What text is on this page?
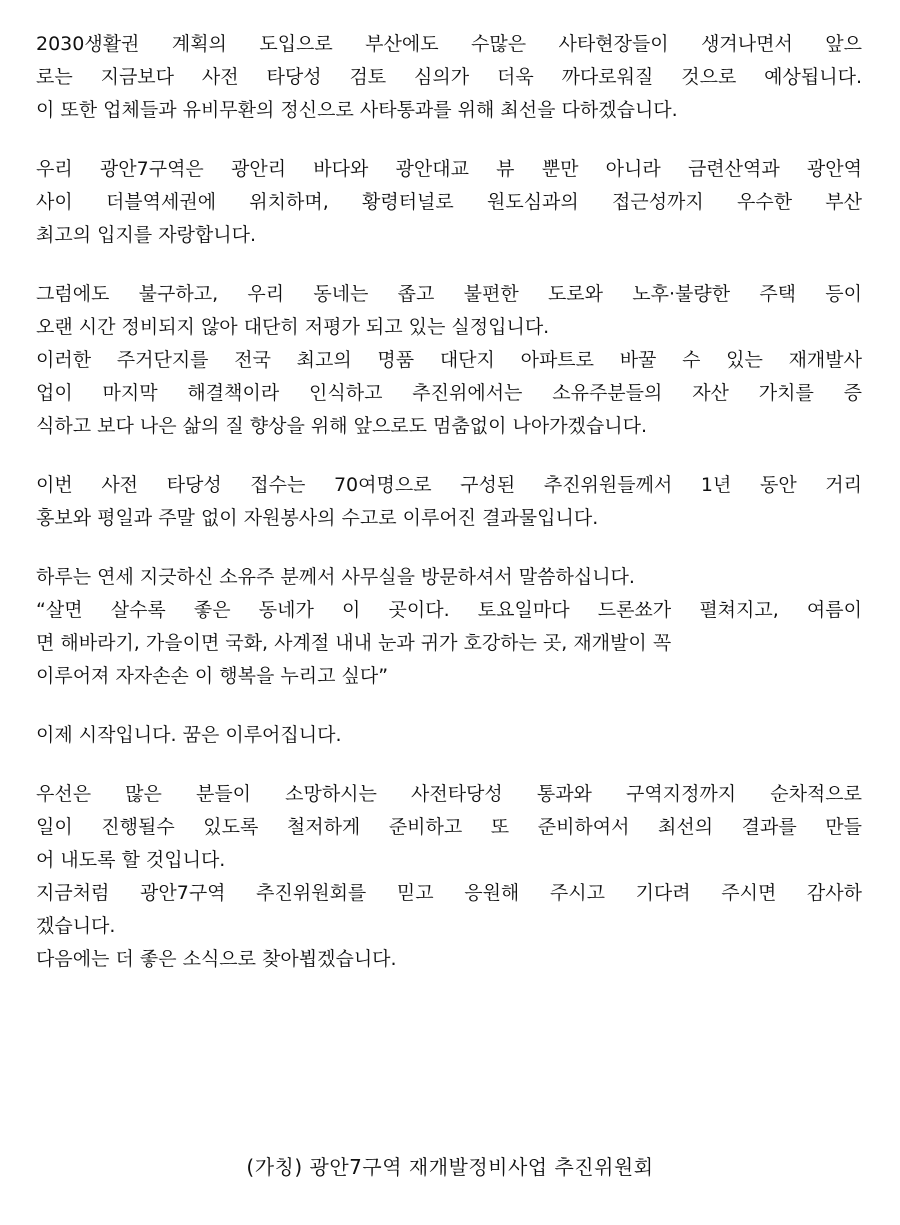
2030생활권 계획의 도입으로 부산에도 수많은 사타현장들이 생겨나면서 앞으
로는 지금보다 사전 타당성 검토 심의가 더욱 까다로워질 것으로 예상됩니다.
이 또한 업체들과 유비무환의 정신으로 사타통과를 위해 최선을 다하겠습니다.
우리 광안7구역은 광안리 바다와 광안대교 뷰 뿐만 아니라 금련산역과 광안역
사이 더블역세권에 위치하며, 황령터널로 원도심과의 접근성까지 우수한 부산
최고의 입지를 자랑합니다.
그럼에도 불구하고, 우리 동네는 좁고 불편한 도로와 노후·불량한 주택 등이
오랜 시간 정비되지 않아 대단히 저평가 되고 있는 실정입니다.
이러한 주거단지를 전국 최고의 명품 대단지 아파트로 바꿀 수 있는 재개발사
업이 마지막 해결책이라 인식하고 추진위에서는 소유주분들의 자산 가치를 증
식하고 보다 나은 삶의 질 향상을 위해 앞으로도 멈춤없이 나아가겠습니다.
이번 사전 타당성 접수는 70여명으로 구성된 추진위원들께서 1년 동안 거리
홍보와 평일과 주말 없이 자원봉사의 수고로 이루어진 결과물입니다.
하루는 연세 지긋하신 소유주 분께서 사무실을 방문하셔서 말씀하십니다.
“살면 살수록 좋은 동네가 이 곳이다. 토요일마다 드론쑈가 펼쳐지고, 여름이
면 해바라기, 가을이면 국화, 사계절 내내 눈과 귀가 호강하는 곳, 재개발이 꼭
이루어져 자자손손 이 행복을 누리고 싶다”
이제 시작입니다. 꿈은 이루어집니다.
우선은 많은 분들이 소망하시는 사전타당성 통과와 구역지정까지 순차적으로
일이 진행될수 있도록 철저하게 준비하고 또 준비하여서 최선의 결과를 만들
어 내도록 할 것입니다.
지금처럼 광안7구역 추진위원회를 믿고 응원해 주시고 기다려 주시면 감사하
겠습니다.
다음에는 더 좋은 소식으로 찾아뵙겠습니다.
(가칭) 광안7구역 재개발정비사업 추진위원회
